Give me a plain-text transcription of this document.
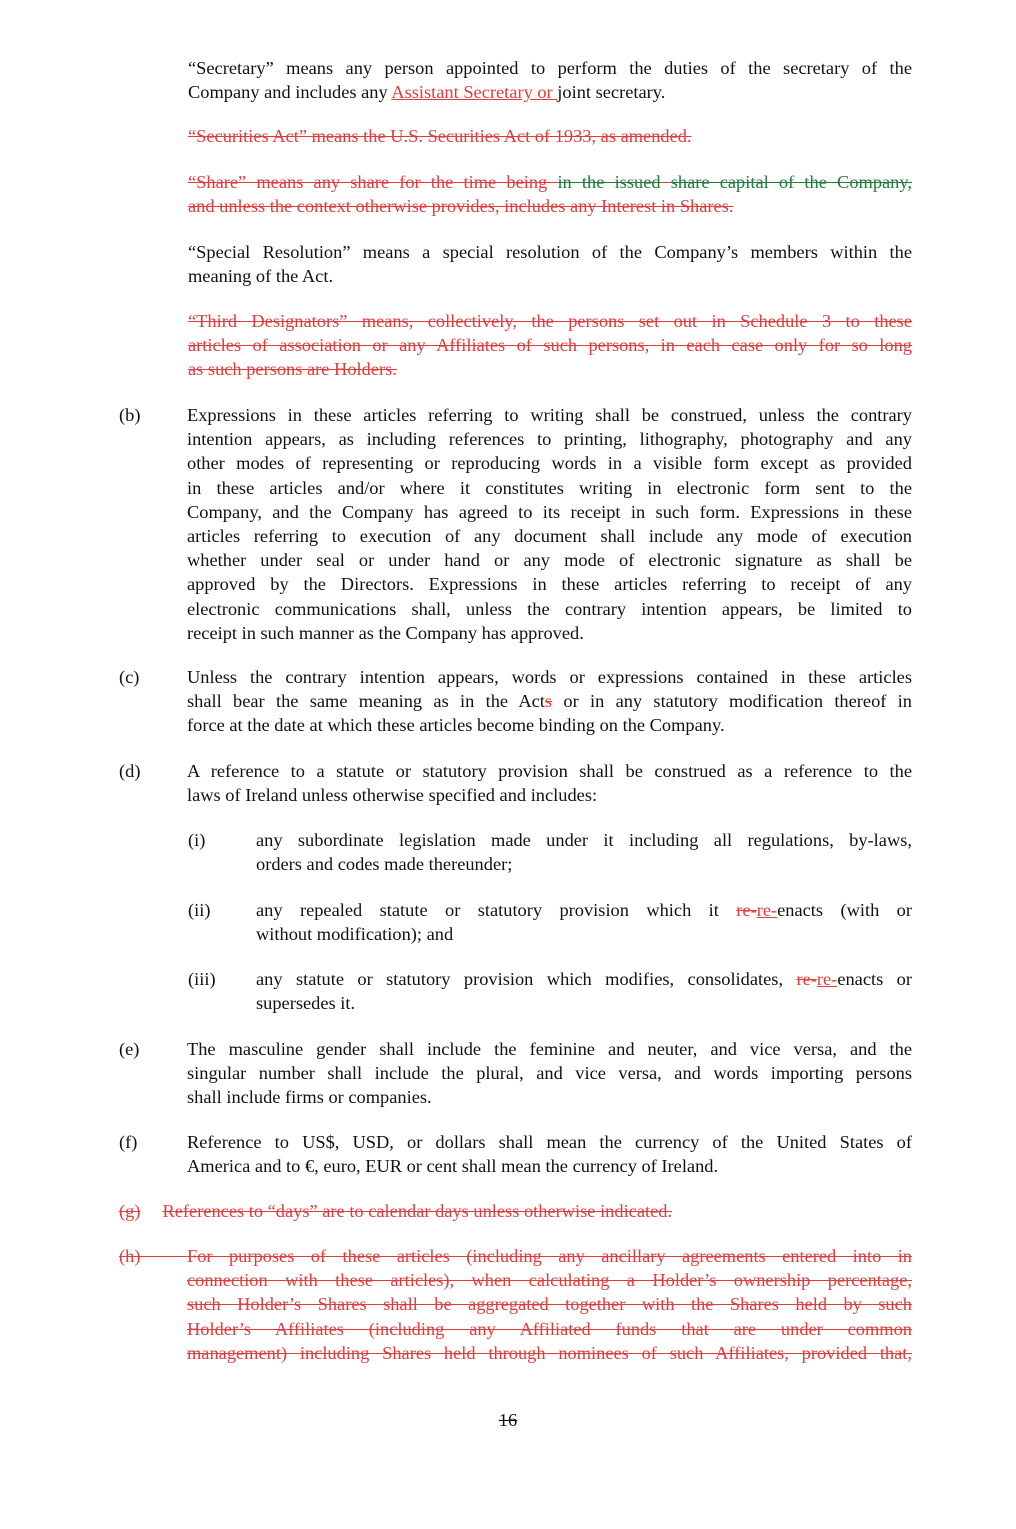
“Secretary” means any person appointed to perform the duties of the secretary of the
Company and includes any Assistant Secretary or joint secretary.
“Securities Act” means the U.S. Securities Act of 1933, as amended.
“Share” means any share for the time being in the issued share capital of the Company,
and unless the context otherwise provides, includes any Interest in Shares.
“Special Resolution” means a special resolution of the Company’s members within the
meaning of the Act.
“Third Designators” means, collectively, the persons set out in Schedule 3 to these
articles of association or any Affiliates of such persons, in each case only for so long
as such persons are Holders.
(b)	Expressions in these articles referring to writing shall be construed, unless the contrary
intention appears, as including references to printing, lithography, photography and any
other modes of representing or reproducing words in a visible form except as provided
in these articles and/or where it constitutes writing in electronic form sent to the
Company, and the Company has agreed to its receipt in such form. Expressions in these
articles referring to execution of any document shall include any mode of execution
whether under seal or under hand or any mode of electronic signature as shall be
approved by the Directors. Expressions in these articles referring to receipt of any
electronic communications shall, unless the contrary intention appears, be limited to
receipt in such manner as the Company has approved.
(c)	Unless the contrary intention appears, words or expressions contained in these articles
shall bear the same meaning as in the Acts or in any statutory modification thereof in
force at the date at which these articles become binding on the Company.
(d)	A reference to a statute or statutory provision shall be construed as a reference to the
laws of Ireland unless otherwise specified and includes:
(i)	any subordinate legislation made under it including all regulations, by-laws,
orders and codes made thereunder;
(ii) any repealed statute or statutory provision which it re-re-enacts (with or
without modification); and
(iii) any statute or statutory provision which modifies, consolidates, re-re-enacts or
supersedes it.
(e)	The masculine gender shall include the feminine and neuter, and vice versa, and the
singular number shall include the plural, and vice versa, and words importing persons
shall include firms or companies.
(f)	Reference to US$, USD, or dollars shall mean the currency of the United States of
America and to €, euro, EUR or cent shall mean the currency of Ireland.
(g) References to “days” are to calendar days unless otherwise indicated.
(h)	For purposes of these articles (including any ancillary agreements entered into in
connection with these articles), when calculating a Holder’s ownership percentage,
such Holder’s Shares shall be aggregated together with the Shares held by such
Holder’s Affiliates (including any Affiliated funds that are under common
management) including Shares held through nominees of such Affiliates, provided that,
16
